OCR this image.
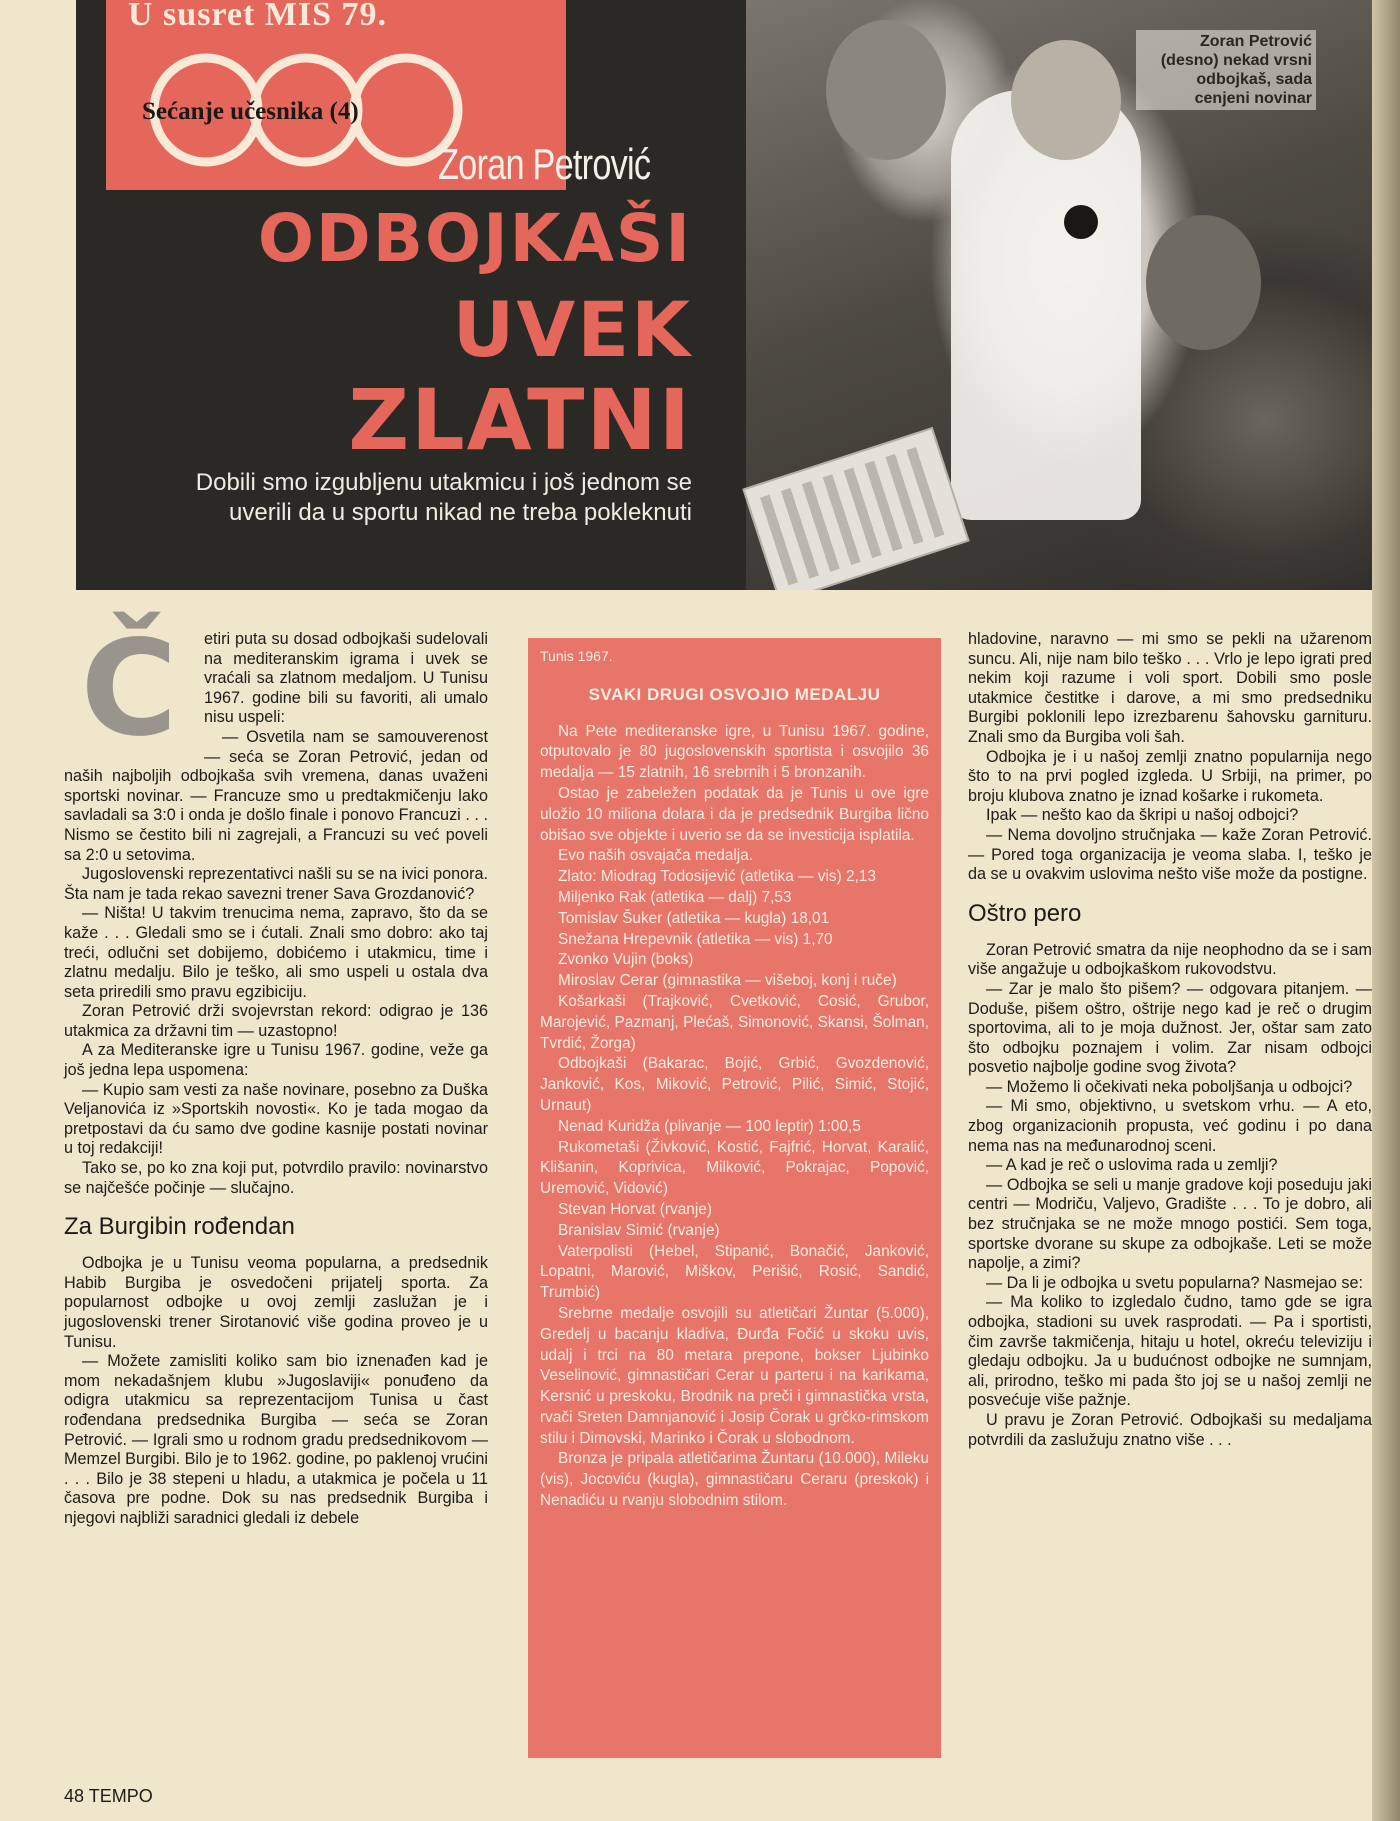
Zoran Petrović (desno) nekad vrsni odbojkaš, sada cenjeni novinar
U susret MIS 79.
Sećanje učesnika (4)
Zoran Petrović
ODBOJKAŠI
UVEK
ZLATNI
Dobili smo izgubljenu utakmicu i još jednom se uverili da u sportu nikad ne treba pokleknuti
Č	etiri puta su dosad odbojkaši sudelovali na mediteranskim igrama i uvek se vraćali sa zlatnom medaljom. U Tunisu 1967. godine bili su favoriti, ali umalo nisu uspeli:

— Osvetila nam se samouverenost — seća se Zoran Petrović, jedan od naših najboljih odbojkaša svih vremena, danas uvaženi sportski novinar. — Francuze smo u predtakmičenju lako savladali sa 3:0 i onda je došlo finale i ponovo Francuzi . . . Nismo se čestito bili ni zagrejali, a Francuzi su već poveli sa 2:0 u setovima.

Jugoslovenski reprezentativci našli su se na ivici ponora. Šta nam je tada rekao savezni trener Sava Grozdanović?

— Ništa! U takvim trenucima nema, zapravo, što da se kaže . . . Gledali smo se i ćutali. Znali smo dobro: ako taj treći, odlučni set dobijemo, dobićemo i utakmicu, time i zlatnu medalju. Bilo je teško, ali smo uspeli u ostala dva seta priredili smo pravu egzibiciju.

Zoran Petrović drži svojevrstan rekord: odigrao je 136 utakmica za državni tim — uzastopno!

A za Mediteranske igre u Tunisu 1967. godine, veže ga još jedna lepa uspomena:

— Kupio sam vesti za naše novinare, posebno za Duška Veljanovića iz »Sportskih novosti«. Ko je tada mogao da pretpostavi da ću samo dve godine kasnije postati novinar u toj redakciji!

Tako se, po ko zna koji put, potvrdilo pravilo: novinarstvo se najčešće počinje — slučajno.

Za Burgibin rođendan

Odbojka je u Tunisu veoma popularna, a predsednik Habib Burgiba je osvedočeni prijatelj sporta. Za popularnost odbojke u ovoj zemlji zaslužan je i jugoslovenski trener Sirotanović više godina proveo je u Tunisu.

— Možete zamisliti koliko sam bio iznenađen kad je mom nekadašnjem klubu »Jugoslaviji« ponuđeno da odigra utakmicu sa reprezentacijom Tunisa u čast rođendana predsednika Burgiba — seća se Zoran Petrović. — Igrali smo u rodnom gradu predsednikovom — Memzel Burgibi. Bilo je to 1962. godine, po paklenoj vrućini . . . Bilo je 38 stepeni u hladu, a utakmica je počela u 11 časova pre podne. Dok su nas predsednik Burgiba i njegovi najbliži saradnici gledali iz debele

Tunis 1967.
SVAKI DRUGI OSVOJIO MEDALJU

Na Pete mediteranske igre, u Tunisu 1967. godine, otputovalo je 80 jugoslovenskih sportista i osvojilo 36 medalja — 15 zlatnih, 16 srebrnih i 5 bronzanih.

Ostao je zabeležen podatak da je Tunis u ove igre uložio 10 miliona dolara i da je predsednik Burgiba lično obišao sve objekte i uverio se da se investicija isplatila.

Evo naših osvajača medalja.

Zlato: Miodrag Todosijević (atletika — vis) 2,13

Miljenko Rak (atletika — dalj) 7,53

Tomislav Šuker (atletika — kugla) 18,01

Snežana Hrepevnik (atletika — vis) 1,70

Zvonko Vujin (boks)

Miroslav Cerar (gimnastika — višeboj, konj i ruče)

Košarkaši (Trajković, Cvetković, Cosić, Grubor, Marojević, Pazmanj, Plećaš, Simonović, Skansi, Šolman, Tvrdić, Žorga)

Odbojkaši (Bakarac, Bojić, Grbić, Gvozdenović, Janković, Kos, Miković, Petrović, Pilić, Simić, Stojić, Urnaut)

Nenad Kuridža (plivanje — 100 leptir) 1:00,5

Rukometaši (Živković, Kostić, Fajfrić, Horvat, Karalić, Klišanin, Koprivica, Milković, Pokrajac, Popović, Uremović, Vidović)

Stevan Horvat (rvanje)

Branislav Simić (rvanje)

Vaterpolisti (Hebel, Stipanić, Bonačić, Janković, Lopatni, Marović, Miškov, Perišić, Rosić, Sandić, Trumbić)

Srebrne medalje osvojili su atletičari Žuntar (5.000), Gredelj u bacanju kladiva, Đurđa Fočić u skoku uvis, udalj i trci na 80 metara prepone, bokser Ljubinko Veselinović, gimnastičari Cerar u parteru i na karikama, Kersnić u preskoku, Brodnik na preči i gimnastička vrsta, rvači Sreten Damnjanović i Josip Čorak u grčko-rimskom stilu i Dimovski, Marinko i Čorak u slobodnom.

Bronza je pripala atletičarima Žuntaru (10.000), Mileku (vis), Jocoviću (kugla), gimnastičaru Ceraru (preskok) i Nenadiću u rvanju slobodnim stilom.

hladovine, naravno — mi smo se pekli na užarenom suncu. Ali, nije nam bilo teško . . . Vrlo je lepo igrati pred nekim koji razume i voli sport. Dobili smo posle utakmice čestitke i darove, a mi smo predsedniku Burgibi poklonili lepo izrezbarenu šahovsku garnituru. Znali smo da Burgiba voli šah.

Odbojka je i u našoj zemlji znatno popularnija nego što to na prvi pogled izgleda. U Srbiji, na primer, po broju klubova znatno je iznad košarke i rukometa.

Ipak — nešto kao da škripi u našoj odbojci?

— Nema dovoljno stručnjaka — kaže Zoran Petrović. — Pored toga organizacija je veoma slaba. I, teško je da se u ovakvim uslovima nešto više može da postigne.

Oštro pero

Zoran Petrović smatra da nije neophodno da se i sam više angažuje u odbojkaškom rukovodstvu.

— Zar je malo što pišem? — odgovara pitanjem. — Doduše, pišem oštro, oštrije nego kad je reč o drugim sportovima, ali to je moja dužnost. Jer, oštar sam zato što odbojku poznajem i volim. Zar nisam odbojci posvetio najbolje godine svog života?

— Možemo li očekivati neka poboljšanja u odbojci?

— Mi smo, objektivno, u svetskom vrhu. — A eto, zbog organizacionih propusta, već godinu i po dana nema nas na međunarodnoj sceni.

— A kad je reč o uslovima rada u zemlji?

— Odbojka se seli u manje gradove koji poseduju jaki centri — Modriču, Valjevo, Gradište . . . To je dobro, ali bez stručnjaka se ne može mnogo postići. Sem toga, sportske dvorane su skupe za odbojkaše. Leti se može napolje, a zimi?

— Da li je odbojka u svetu popularna? Nasmejao se:

— Ma koliko to izgledalo čudno, tamo gde se igra odbojka, stadioni su uvek rasprodati. — Pa i sportisti, čim završe takmičenja, hitaju u hotel, okreću televiziju i gledaju odbojku. Ja u budućnost odbojke ne sumnjam, ali, prirodno, teško mi pada što joj se u našoj zemlji ne posvećuje više pažnje.

U pravu je Zoran Petrović. Odbojkaši su medaljama potvrdili da zaslužuju znatno više . . .

48 TEMPO
